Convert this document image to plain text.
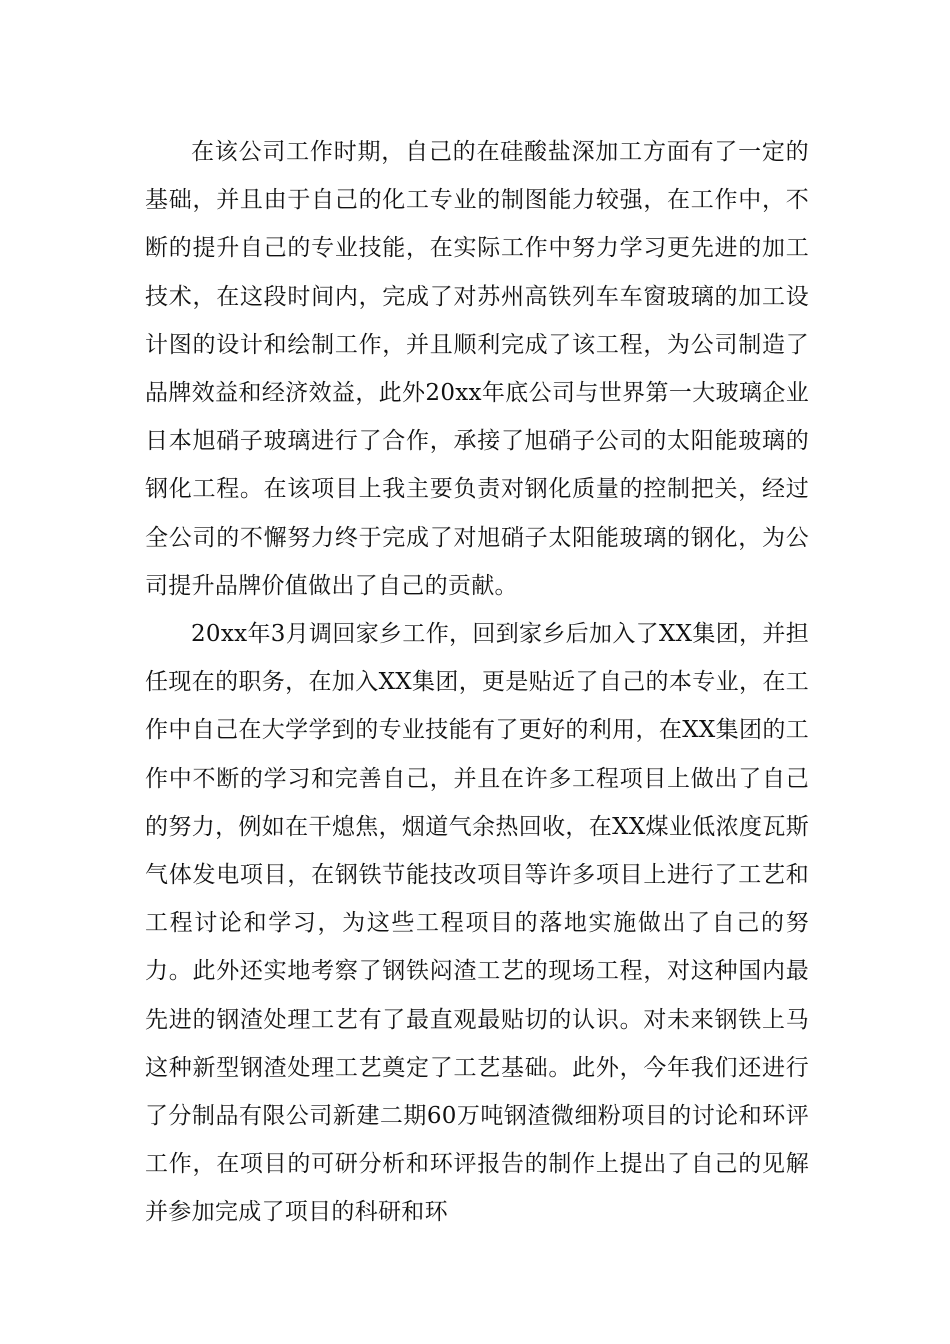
在该公司工作时期，自己的在硅酸盐深加工方面有了一定的基础，并且由于自己的化工专业的制图能力较强，在工作中，不断的提升自己的专业技能，在实际工作中努力学习更先进的加工技术，在这段时间内，完成了对苏州高铁列车车窗玻璃的加工设计图的设计和绘制工作，并且顺利完成了该工程，为公司制造了品牌效益和经济效益，此外20xx年底公司与世界第一大玻璃企业日本旭硝子玻璃进行了合作，承接了旭硝子公司的太阳能玻璃的钢化工程。在该项目上我主要负责对钢化质量的控制把关，经过全公司的不懈努力终于完成了对旭硝子太阳能玻璃的钢化，为公司提升品牌价值做出了自己的贡献。

20xx年3月调回家乡工作，回到家乡后加入了XX集团，并担任现在的职务，在加入XX集团，更是贴近了自己的本专业，在工作中自己在大学学到的专业技能有了更好的利用，在XX集团的工作中不断的学习和完善自己，并且在许多工程项目上做出了自己的努力，例如在干熄焦，烟道气余热回收，在XX煤业低浓度瓦斯气体发电项目，在钢铁节能技改项目等许多项目上进行了工艺和工程讨论和学习，为这些工程项目的落地实施做出了自己的努力。此外还实地考察了钢铁闷渣工艺的现场工程，对这种国内最先进的钢渣处理工艺有了最直观最贴切的认识。对未来钢铁上马这种新型钢渣处理工艺奠定了工艺基础。此外，今年我们还进行了分制品有限公司新建二期60万吨钢渣微细粉项目的讨论和环评工作，在项目的可研分析和环评报告的制作上提出了自己的见解并参加完成了项目的科研和环
